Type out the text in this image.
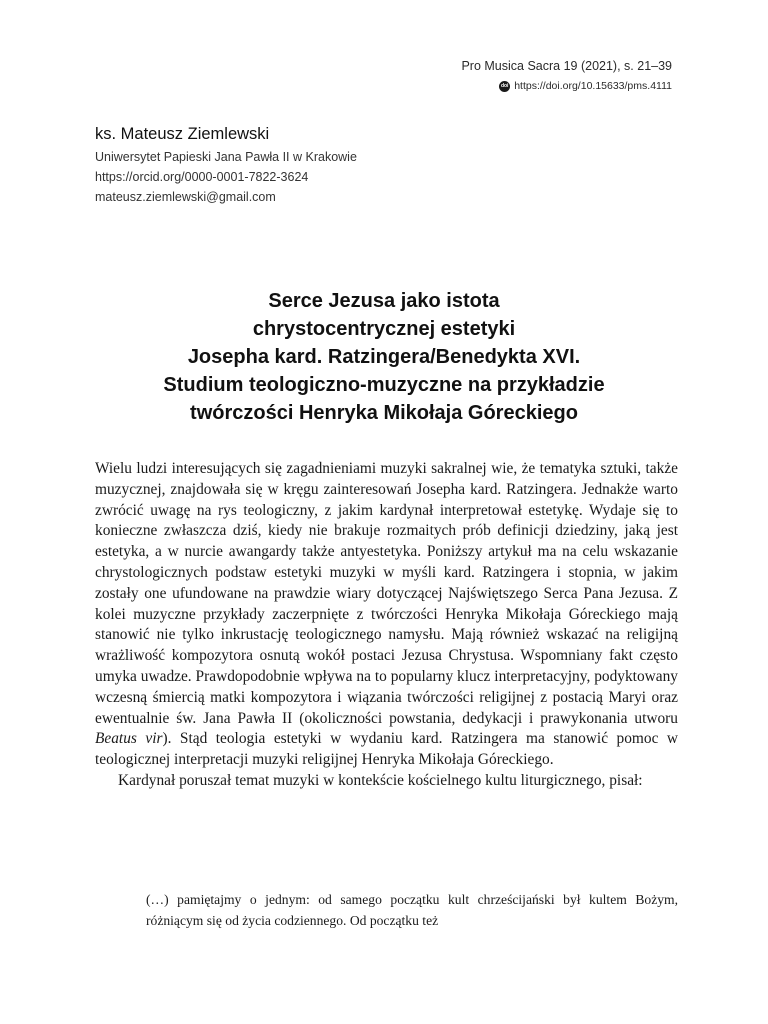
Pro Musica Sacra 19 (2021), s. 21–39
doi https://doi.org/10.15633/pms.4111
ks. Mateusz Ziemlewski
Uniwersytet Papieski Jana Pawła II w Krakowie
https://orcid.org/0000-0001-7822-3624
mateusz.ziemlewski@gmail.com
Serce Jezusa jako istota
chrystocentrycznej estetyki
Josepha kard. Ratzingera/Benedykta XVI.
Studium teologiczno-muzyczne na przykładzie
twórczości Henryka Mikołaja Góreckiego

Wielu ludzi interesujących się zagadnieniami muzyki sakralnej wie, że tematyka sztuki, także muzycznej, znajdowała się w kręgu zainteresowań Josepha kard. Ratzingera. Jednakże warto zwrócić uwagę na rys teologiczny, z jakim kardynał interpretował estetykę. Wydaje się to konieczne zwłaszcza dziś, kiedy nie brakuje rozmaitych prób definicji dziedziny, jaką jest estetyka, a w nurcie awangardy także antyestetyka. Poniższy artykuł ma na celu wskazanie chrystologicznych podstaw estetyki muzyki w myśli kard. Ratzingera i stopnia, w jakim zostały one ufundowane na prawdzie wiary dotyczącej Najświętszego Serca Pana Jezusa. Z kolei muzyczne przykłady zaczerpnięte z twórczości Henryka Mikołaja Góreckiego mają stanowić nie tylko inkrustację teologicznego namysłu. Mają również wskazać na religijną wrażliwość kompozytora osnutą wokół postaci Jezusa Chrystusa. Wspomniany fakt często umyka uwadze. Prawdopodobnie wpływa na to popularny klucz interpretacyjny, podyktowany wczesną śmiercią matki kompozytora i wiązania twórczości religijnej z postacią Maryi oraz ewentualnie św. Jana Pawła II (okoliczności powstania, dedykacji i prawykonania utworu Beatus vir). Stąd teologia estetyki w wydaniu kard. Ratzingera ma stanowić pomoc w teologicznej interpretacji muzyki religijnej Henryka Mikołaja Góreckiego.

Kardynał poruszał temat muzyki w kontekście kościelnego kultu liturgicznego, pisał:

(…) pamiętajmy o jednym: od samego początku kult chrześcijański był kultem Bożym, różniącym się od życia codziennego. Od początku też
